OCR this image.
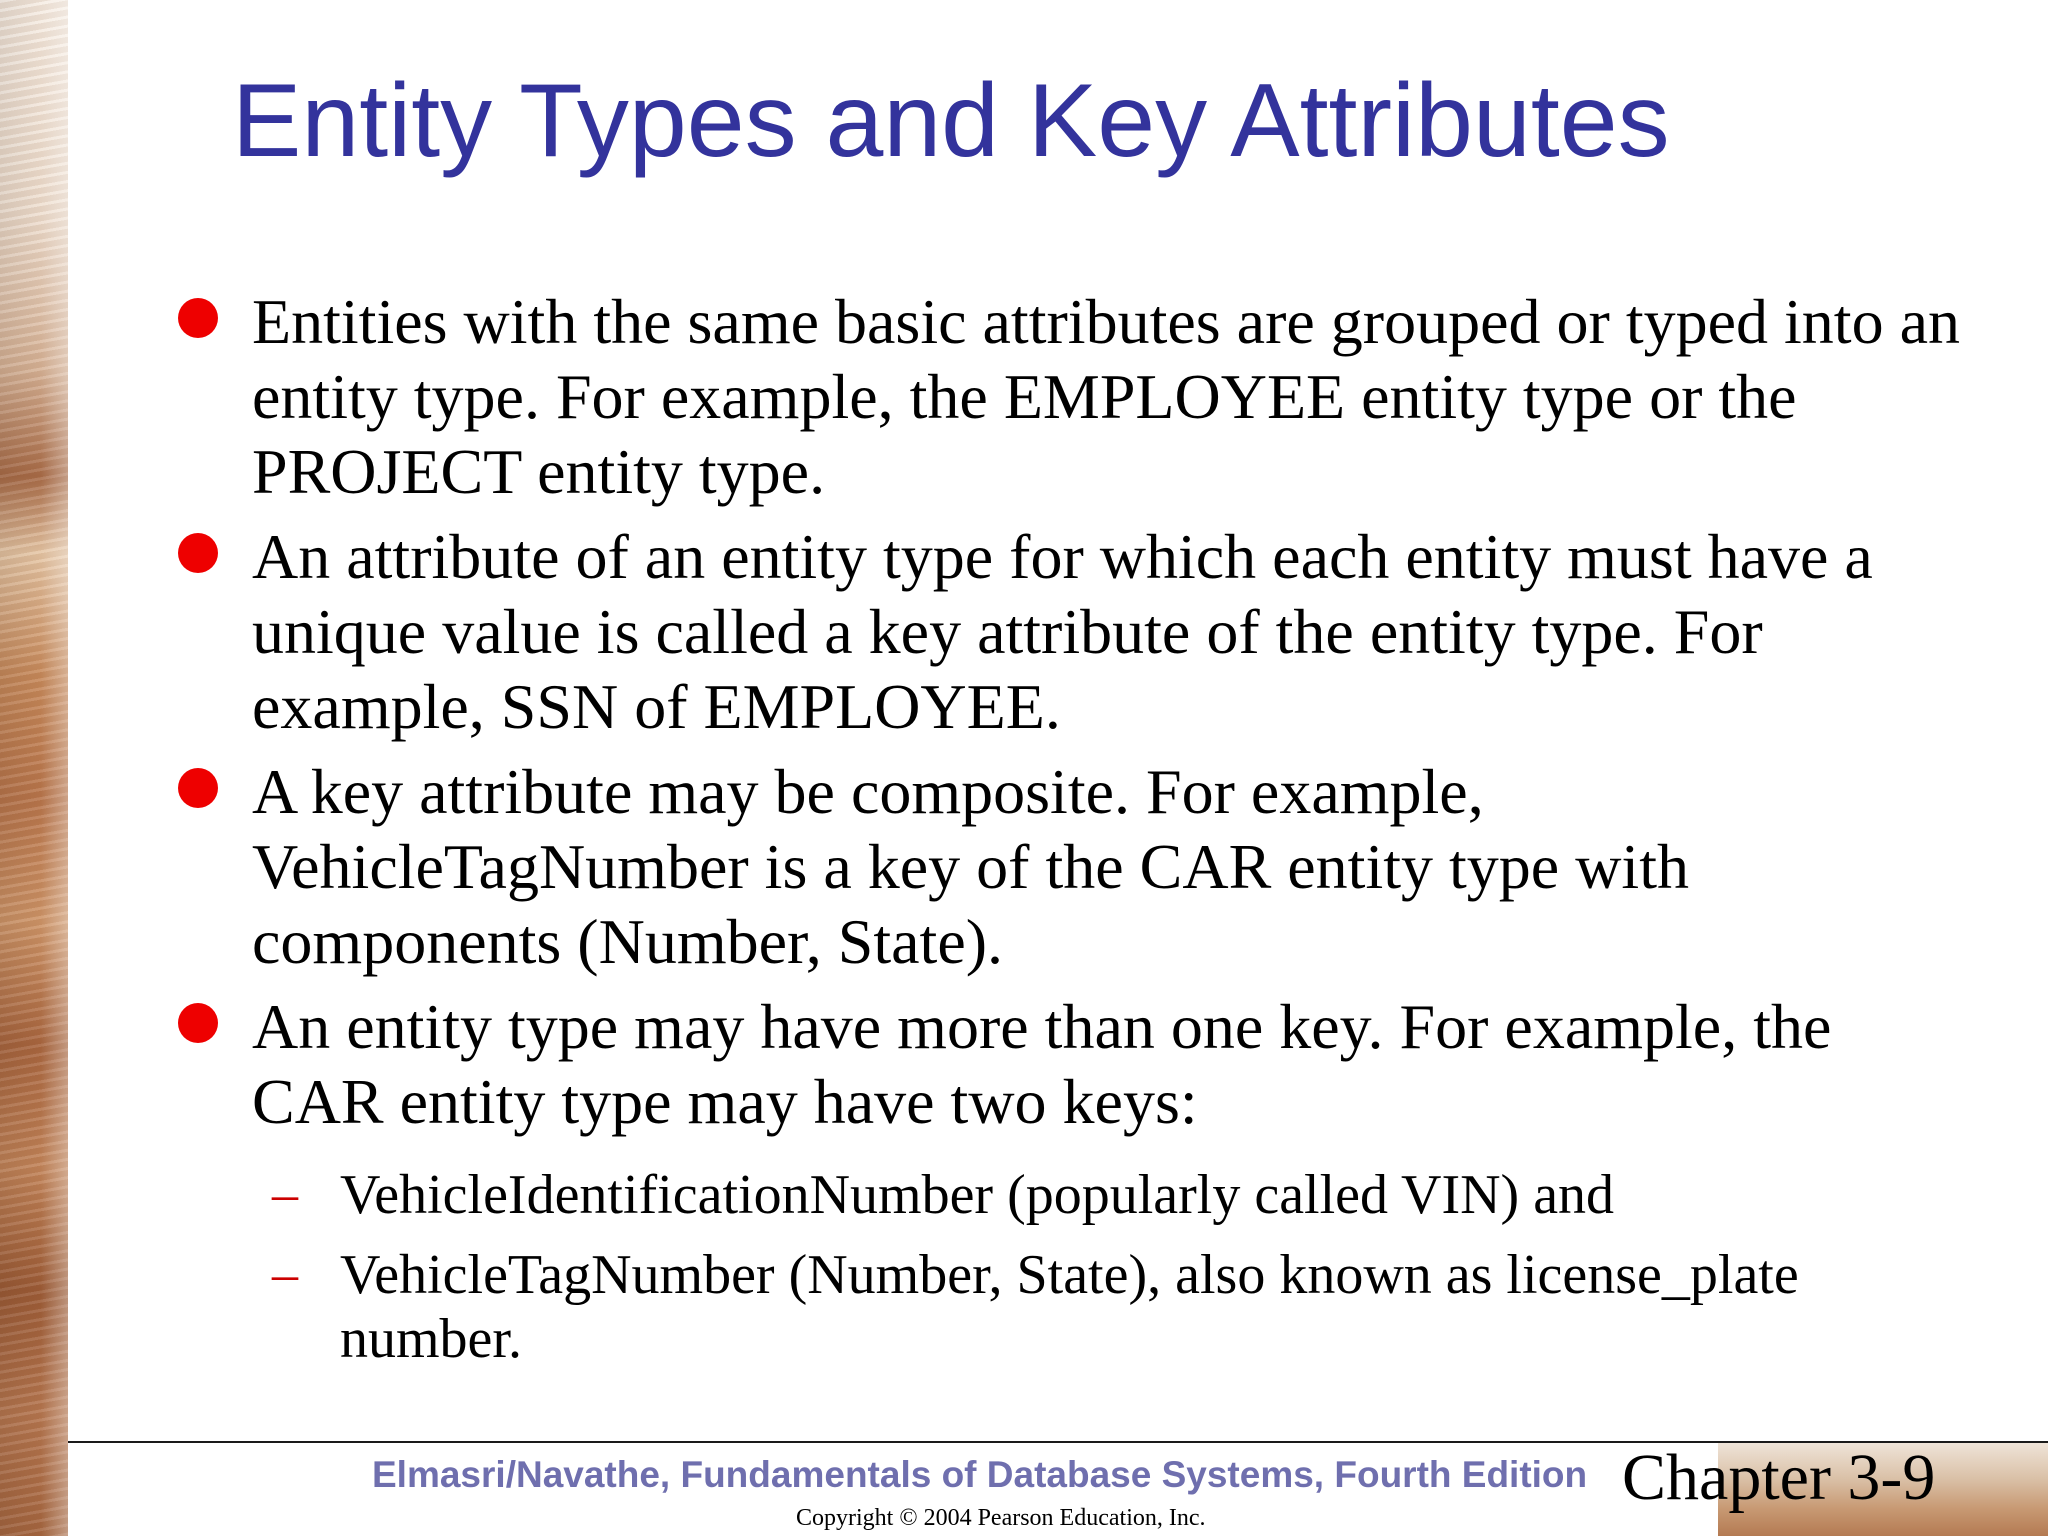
Entity Types and Key Attributes
Entities with the same basic attributes are grouped or typed into an entity type. For example, the EMPLOYEE entity type or the PROJECT entity type.
An attribute of an entity type for which each entity must have a unique value is called a key attribute of the entity type. For example, SSN of EMPLOYEE.
A key attribute may be composite. For example, VehicleTagNumber is a key of the CAR entity type with components (Number, State).
An entity type may have more than one key. For example, the CAR entity type may have two keys:
– VehicleIdentificationNumber (popularly called VIN) and
– VehicleTagNumber (Number, State), also known as license_plate number.
Elmasri/Navathe, Fundamentals of Database Systems, Fourth Edition Chapter 3-9
Copyright © 2004 Pearson Education, Inc.
